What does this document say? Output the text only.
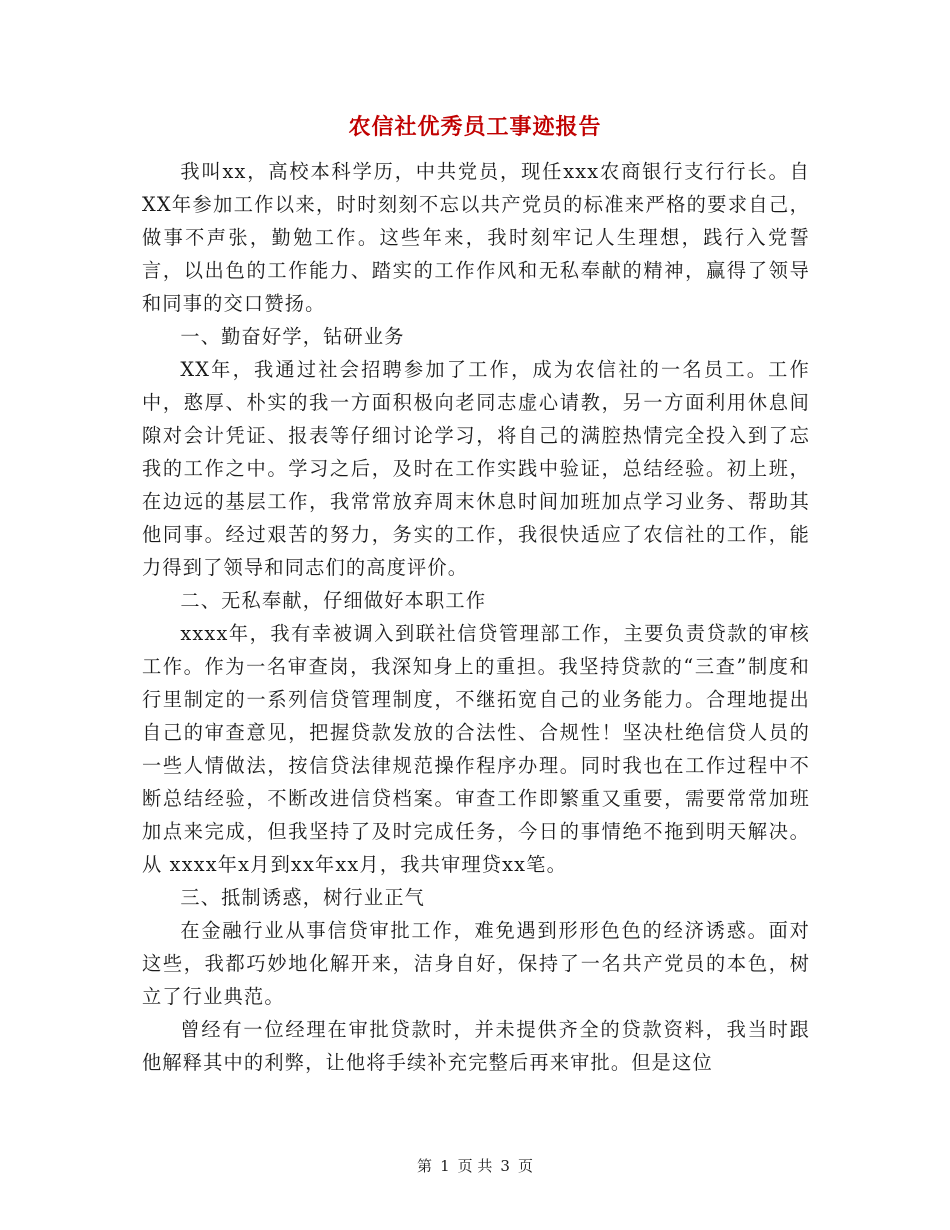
农信社优秀员工事迹报告

我叫xx，高校本科学历，中共党员，现任xxx农商银行支行行长。自XX年参加工作以来，时时刻刻不忘以共产党员的标准来严格的要求自己，做事不声张，勤勉工作。这些年来，我时刻牢记人生理想，践行入党誓言，以出色的工作能力、踏实的工作作风和无私奉献的精神，赢得了领导和同事的交口赞扬。

一、勤奋好学，钻研业务

XX年，我通过社会招聘参加了工作，成为农信社的一名员工。工作中，憨厚、朴实的我一方面积极向老同志虚心请教，另一方面利用休息间隙对会计凭证、报表等仔细讨论学习，将自己的满腔热情完全投入到了忘我的工作之中。学习之后，及时在工作实践中验证，总结经验。初上班，在边远的基层工作，我常常放弃周末休息时间加班加点学习业务、帮助其他同事。经过艰苦的努力，务实的工作，我很快适应了农信社的工作，能力得到了领导和同志们的高度评价。

二、无私奉献，仔细做好本职工作

xxxx年，我有幸被调入到联社信贷管理部工作，主要负责贷款的审核工作。作为一名审查岗，我深知身上的重担。我坚持贷款的“三查”制度和行里制定的一系列信贷管理制度，不继拓宽自己的业务能力。合理地提出自己的审查意见，把握贷款发放的合法性、合规性！坚决杜绝信贷人员的一些人情做法，按信贷法律规范操作程序办理。同时我也在工作过程中不断总结经验，不断改进信贷档案。审查工作即繁重又重要，需要常常加班加点来完成，但我坚持了及时完成任务，今日的事情绝不拖到明天解决。从 xxxx年x月到xx年xx月，我共审理贷xx笔。

三、抵制诱惑，树行业正气

在金融行业从事信贷审批工作，难免遇到形形色色的经济诱惑。面对这些，我都巧妙地化解开来，洁身自好，保持了一名共产党员的本色，树立了行业典范。

曾经有一位经理在审批贷款时，并未提供齐全的贷款资料，我当时跟他解释其中的利弊，让他将手续补充完整后再来审批。但是这位

第 1 页 共 3 页
